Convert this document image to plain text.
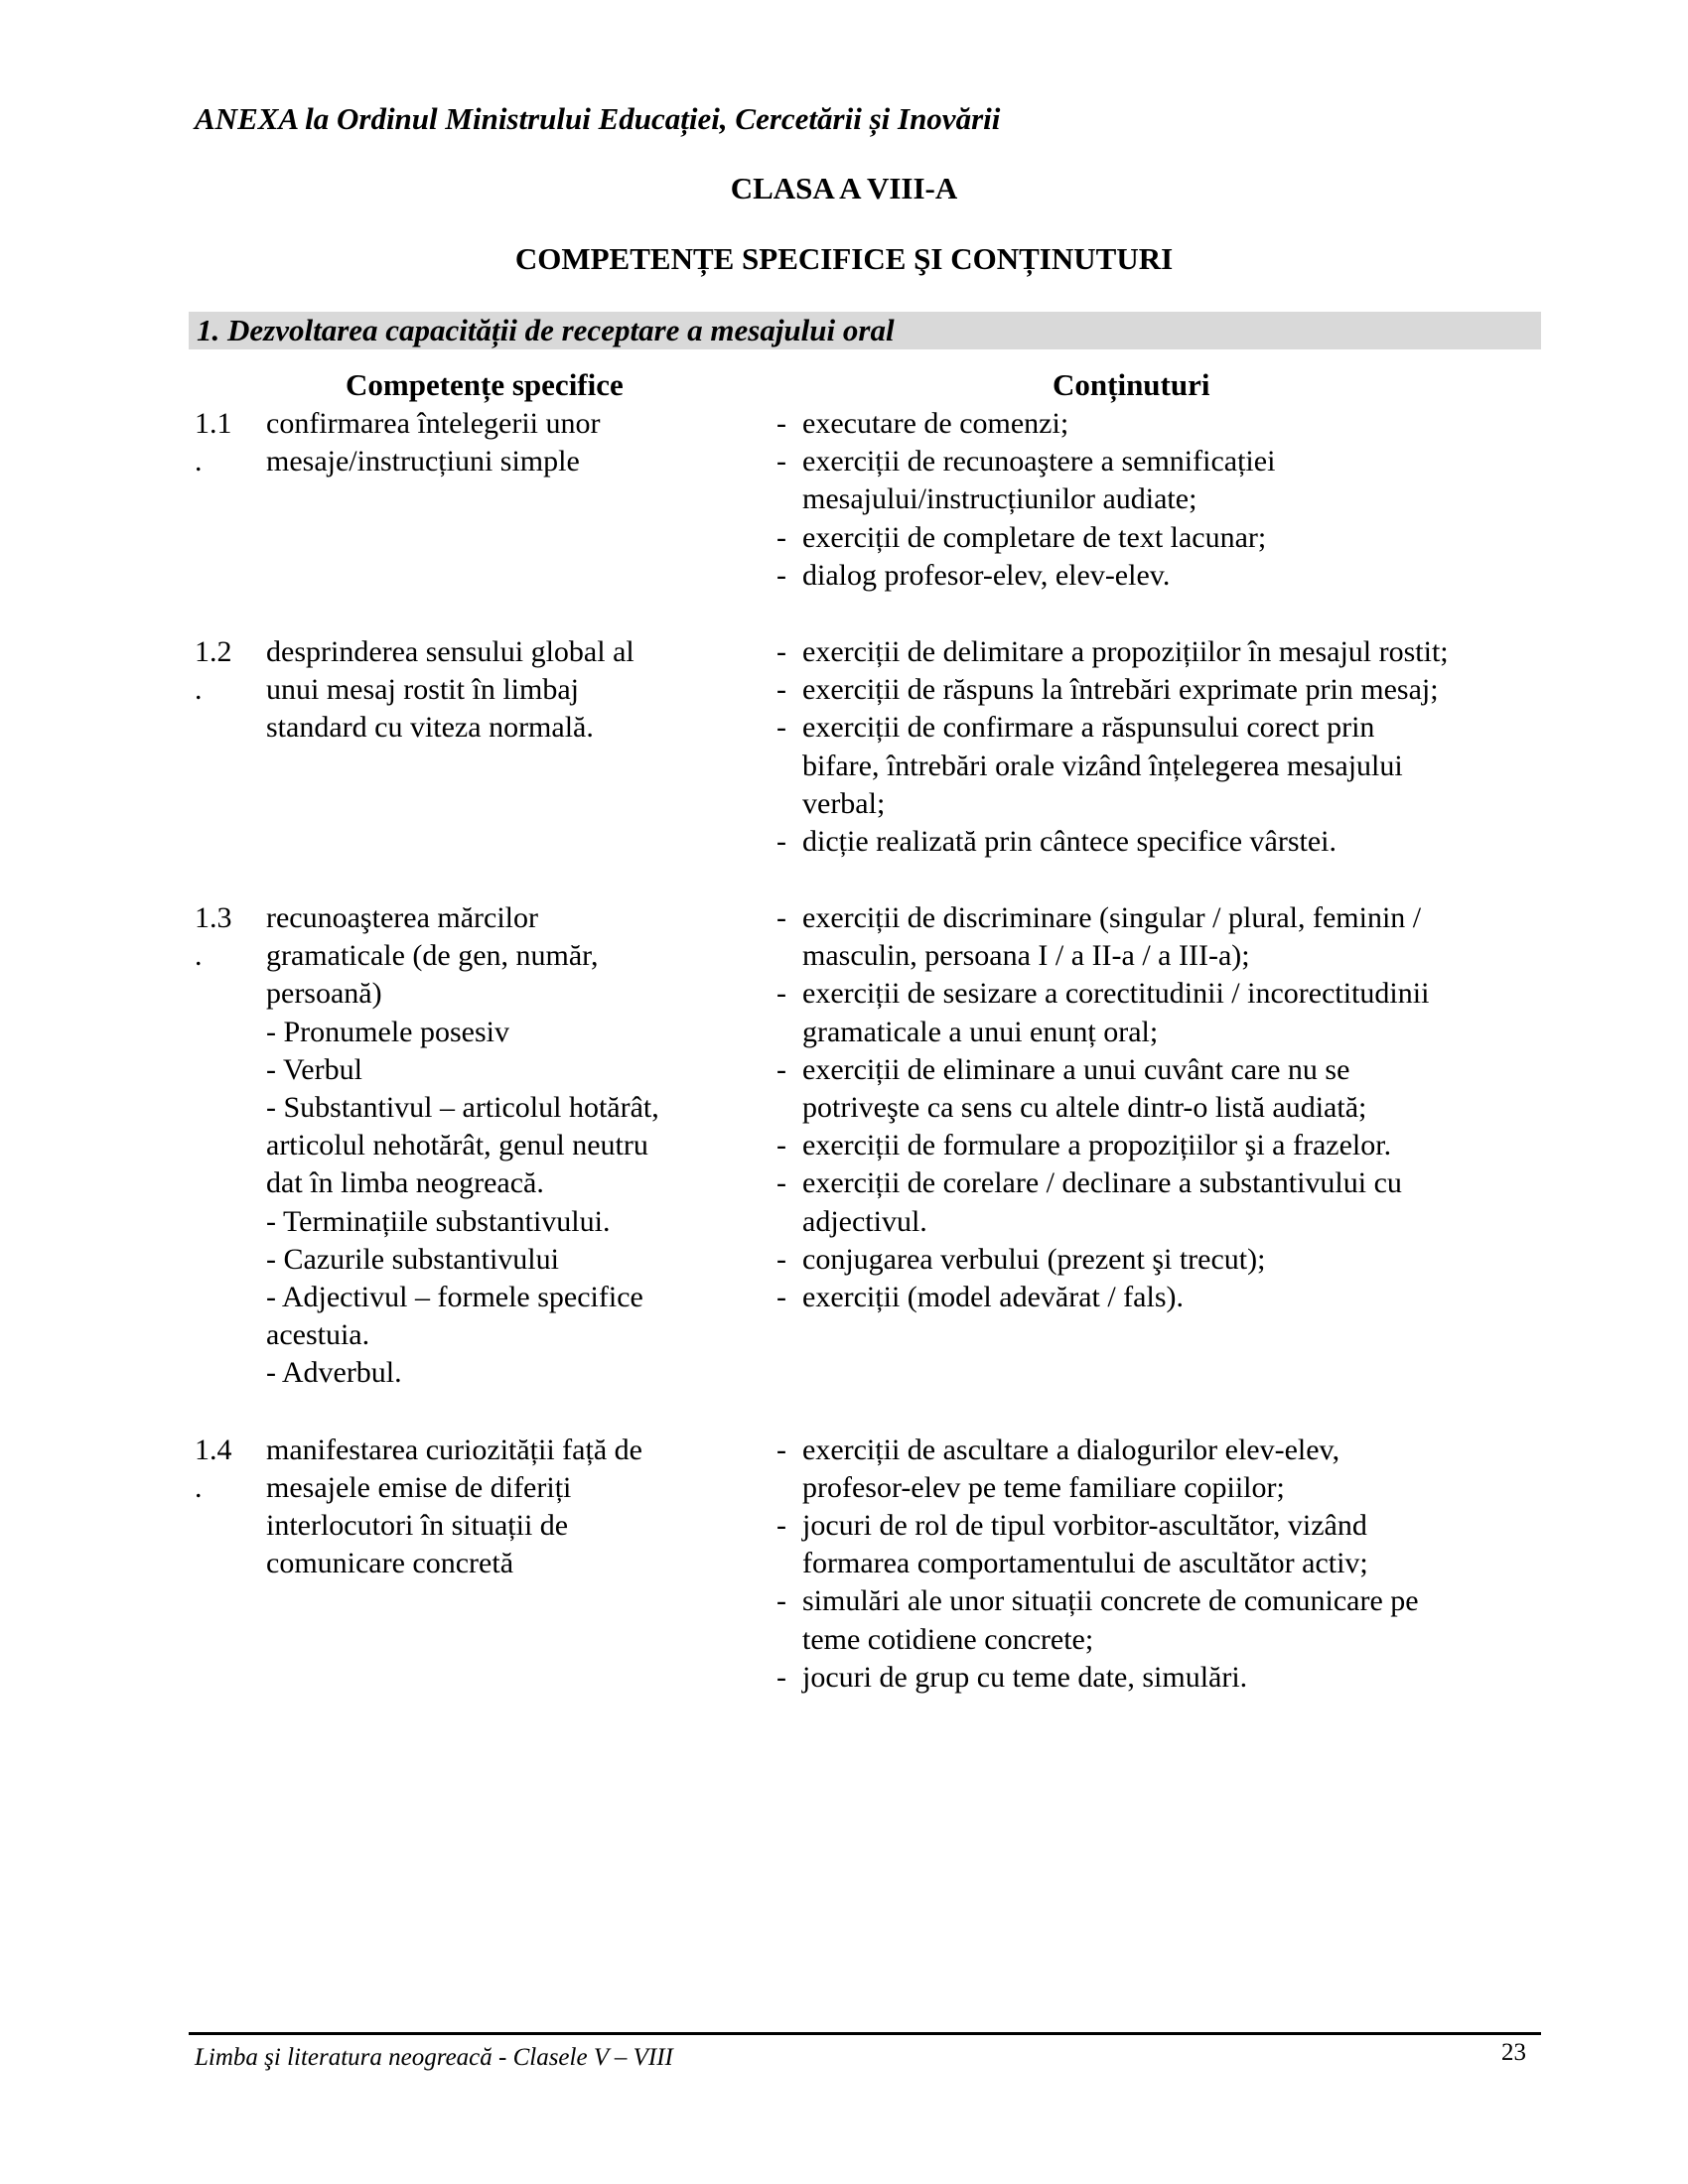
ANEXA la Ordinul Ministrului Educației, Cercetării și Inovării
CLASA A VIII-A
COMPETENȚE SPECIFICE ŞI CONȚINUTURI
1. Dezvoltarea capacității de receptare a mesajului oral
Competențe specifice	Conținuturi
1.1
.
confirmarea întelegerii unor
mesaje/instrucțiuni simple
- executare de comenzi;
- exerciții de recunoaştere a semnificației
mesajului/instrucțiunilor audiate;
- exerciții de completare de text lacunar;
- dialog profesor-elev, elev-elev.
1.2
.
desprinderea sensului global al
unui mesaj rostit în limbaj
standard cu viteza normală.
- exerciții de delimitare a propozițiilor în mesajul rostit;
- exerciții de răspuns la întrebări exprimate prin mesaj;
- exerciții de confirmare a răspunsului corect prin
bifare, întrebări orale vizând înțelegerea mesajului
verbal;
- dicție realizată prin cântece specifice vârstei.
1.3
.
recunoaşterea mărcilor
gramaticale (de gen, număr,
persoană)
- Pronumele posesiv
- Verbul
- Substantivul – articolul hotărât,
articolul nehotărât, genul neutru
dat în limba neogreacă.
- Terminațiile substantivului.
- Cazurile substantivului
- Adjectivul – formele specifice
acestuia.
- Adverbul.
- exerciții de discriminare (singular / plural, feminin /
masculin, persoana I / a II-a / a III-a);
- exerciții de sesizare a corectitudinii / incorectitudinii
gramaticale a unui enunț oral;
- exerciții de eliminare a unui cuvânt care nu se
potriveşte ca sens cu altele dintr-o listă audiată;
- exerciții de formulare a propozițiilor şi a frazelor.
- exerciții de corelare / declinare a substantivului cu
adjectivul.
- conjugarea verbului (prezent şi trecut);
- exerciții (model adevărat / fals).
1.4
.
manifestarea curiozității față de
mesajele emise de diferiți
interlocutori în situații de
comunicare concretă
- exerciții de ascultare a dialogurilor elev-elev,
profesor-elev pe teme familiare copiilor;
- jocuri de rol de tipul vorbitor-ascultător, vizând
formarea comportamentului de ascultător activ;
- simulări ale unor situații concrete de comunicare pe
teme cotidiene concrete;
- jocuri de grup cu teme date, simulări.
Limba şi literatura neogreacă - Clasele V – VIII	23
